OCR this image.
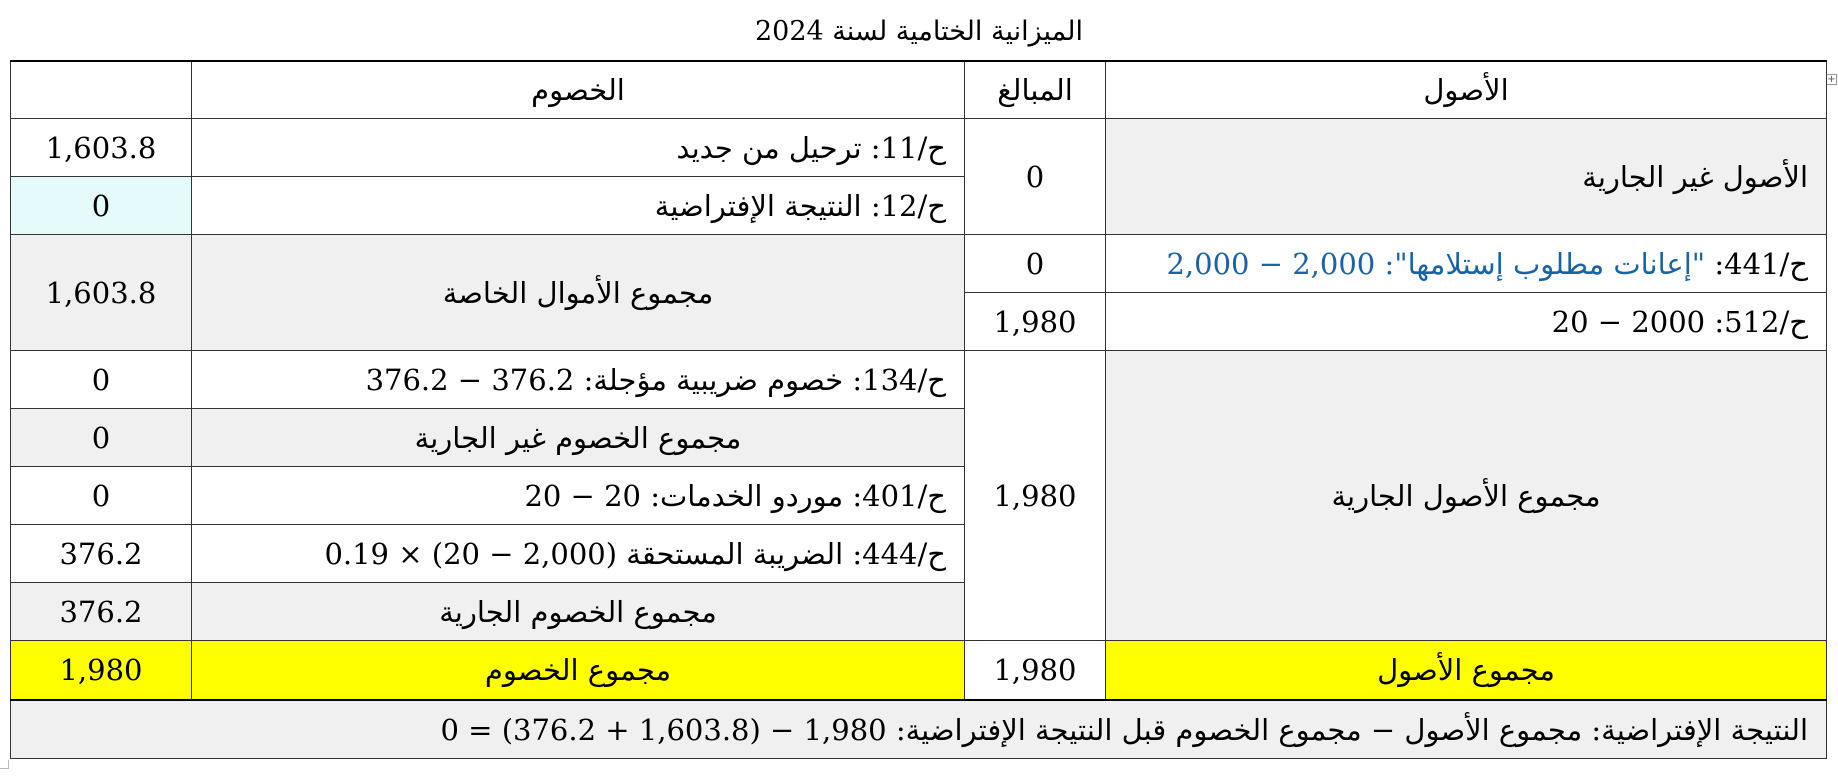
الميزانية الختامية لسنة 2024
+
	الخصوم	المبالغ	الأصول
1,603.8	ح/11: ترحيل من جديد	0	الأصول غير الجارية
0	ح/12: النتيجة الإفتراضية		
1,603.8	مجموع الأموال الخاصة	0	ح/441: "إعانات مطلوب إستلامها": 2,000 − 2,000
		1,980	ح/512: 2000 − 20
0	ح/134: خصوم ضريبية مؤجلة: 376.2 − 376.2	1,980	مجموع الأصول الجارية
0	مجموع الخصوم غير الجارية		
0	ح/401: موردو الخدمات: 20 − 20		
376.2	ح/444: الضريبة المستحقة (2,000 − 20) × 0.19		
376.2	مجموع الخصوم الجارية		
1,980	مجموع الخصوم	1,980	مجموع الأصول
النتيجة الإفتراضية: مجموع الأصول − مجموع الخصوم قبل النتيجة الإفتراضية: 1,980 − (1,603.8 + 376.2) = 0			
